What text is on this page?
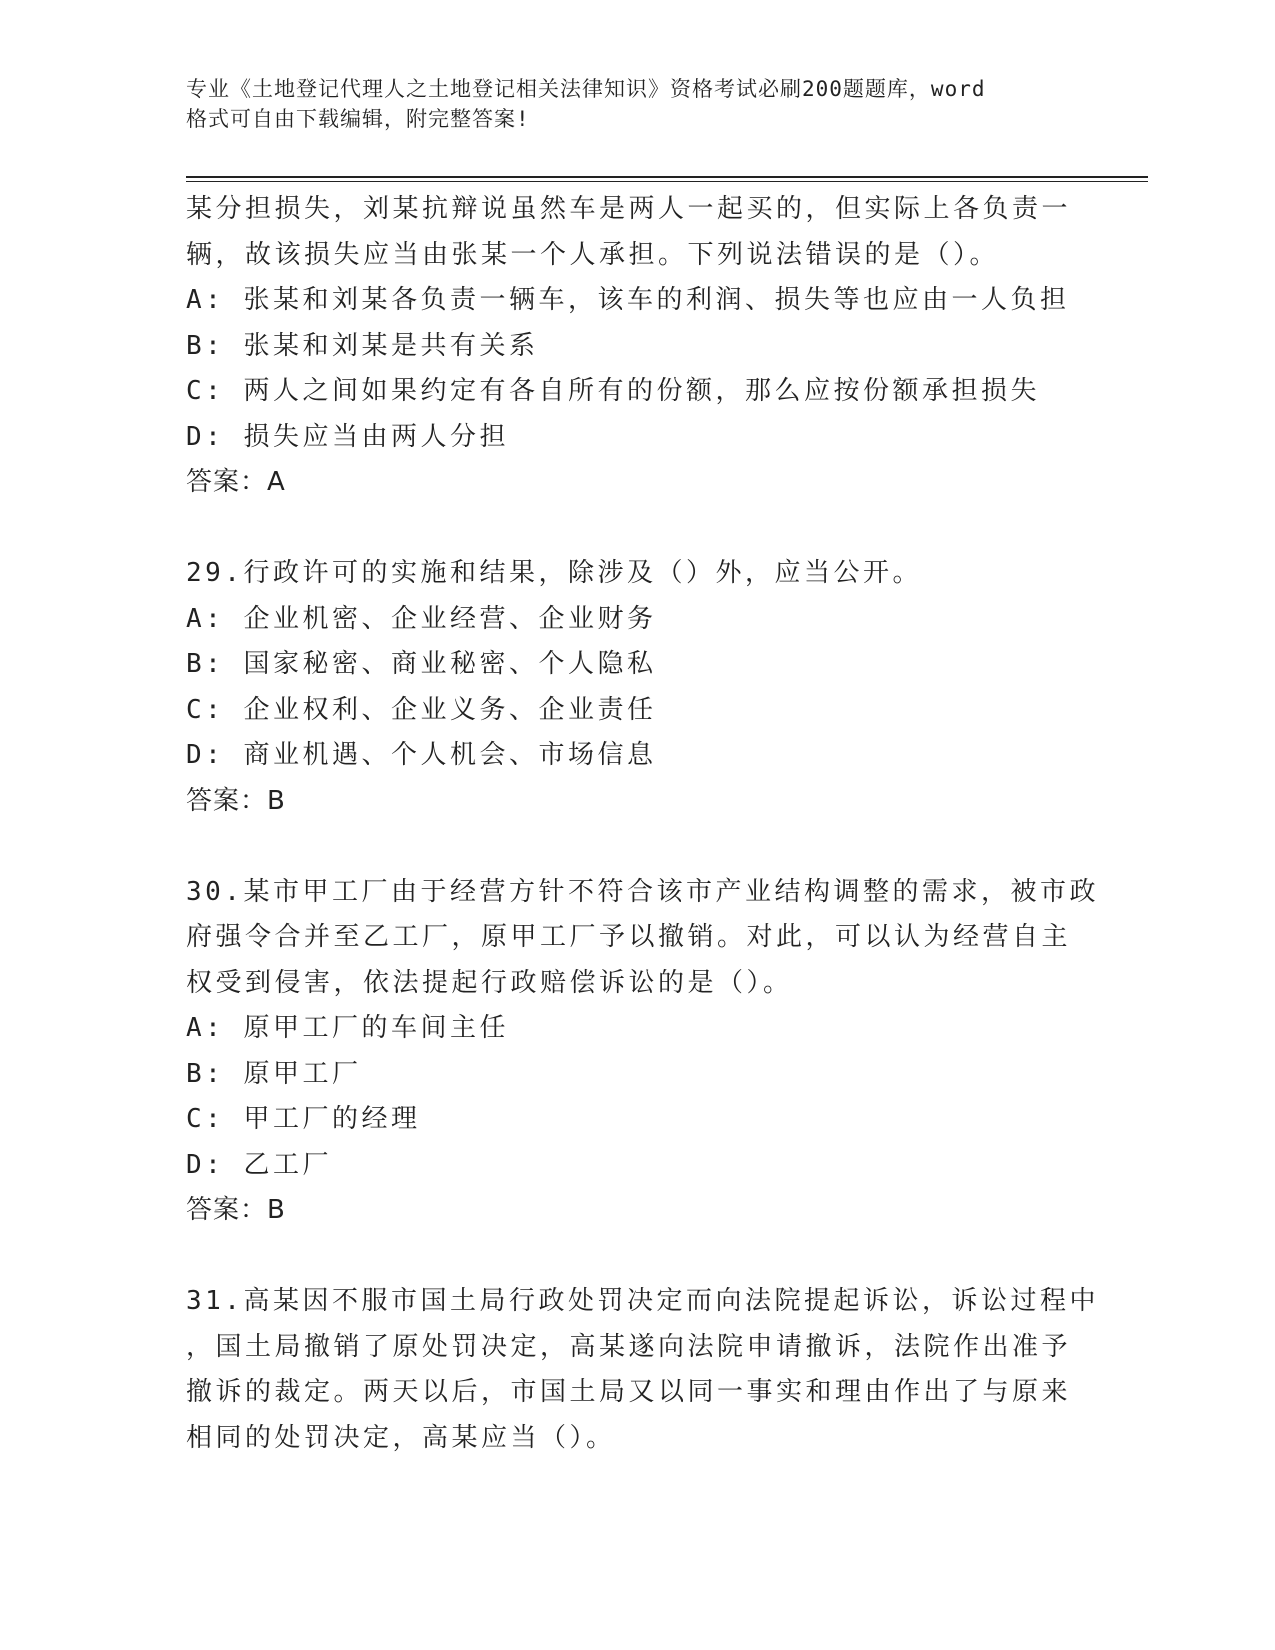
专业《土地登记代理人之土地登记相关法律知识》资格考试必刷200题题库，word
格式可自由下载编辑，附完整答案!
某分担损失，刘某抗辩说虽然车是两人一起买的，但实际上各负责一
辆，故该损失应当由张某一个人承担。下列说法错误的是（）。
A: 张某和刘某各负责一辆车，该车的利润、损失等也应由一人负担
B: 张某和刘某是共有关系
C: 两人之间如果约定有各自所有的份额，那么应按份额承担损失
D: 损失应当由两人分担
答案：A
29.行政许可的实施和结果，除涉及（）外，应当公开。
A: 企业机密、企业经营、企业财务
B: 国家秘密、商业秘密、个人隐私
C: 企业权利、企业义务、企业责任
D: 商业机遇、个人机会、市场信息
答案：B
30.某市甲工厂由于经营方针不符合该市产业结构调整的需求，被市政
府强令合并至乙工厂，原甲工厂予以撤销。对此，可以认为经营自主
权受到侵害，依法提起行政赔偿诉讼的是（）。
A: 原甲工厂的车间主任
B: 原甲工厂
C: 甲工厂的经理
D: 乙工厂
答案：B
31.高某因不服市国土局行政处罚决定而向法院提起诉讼，诉讼过程中
，国土局撤销了原处罚决定，高某遂向法院申请撤诉，法院作出准予
撤诉的裁定。两天以后，市国土局又以同一事实和理由作出了与原来
相同的处罚决定，高某应当（）。
